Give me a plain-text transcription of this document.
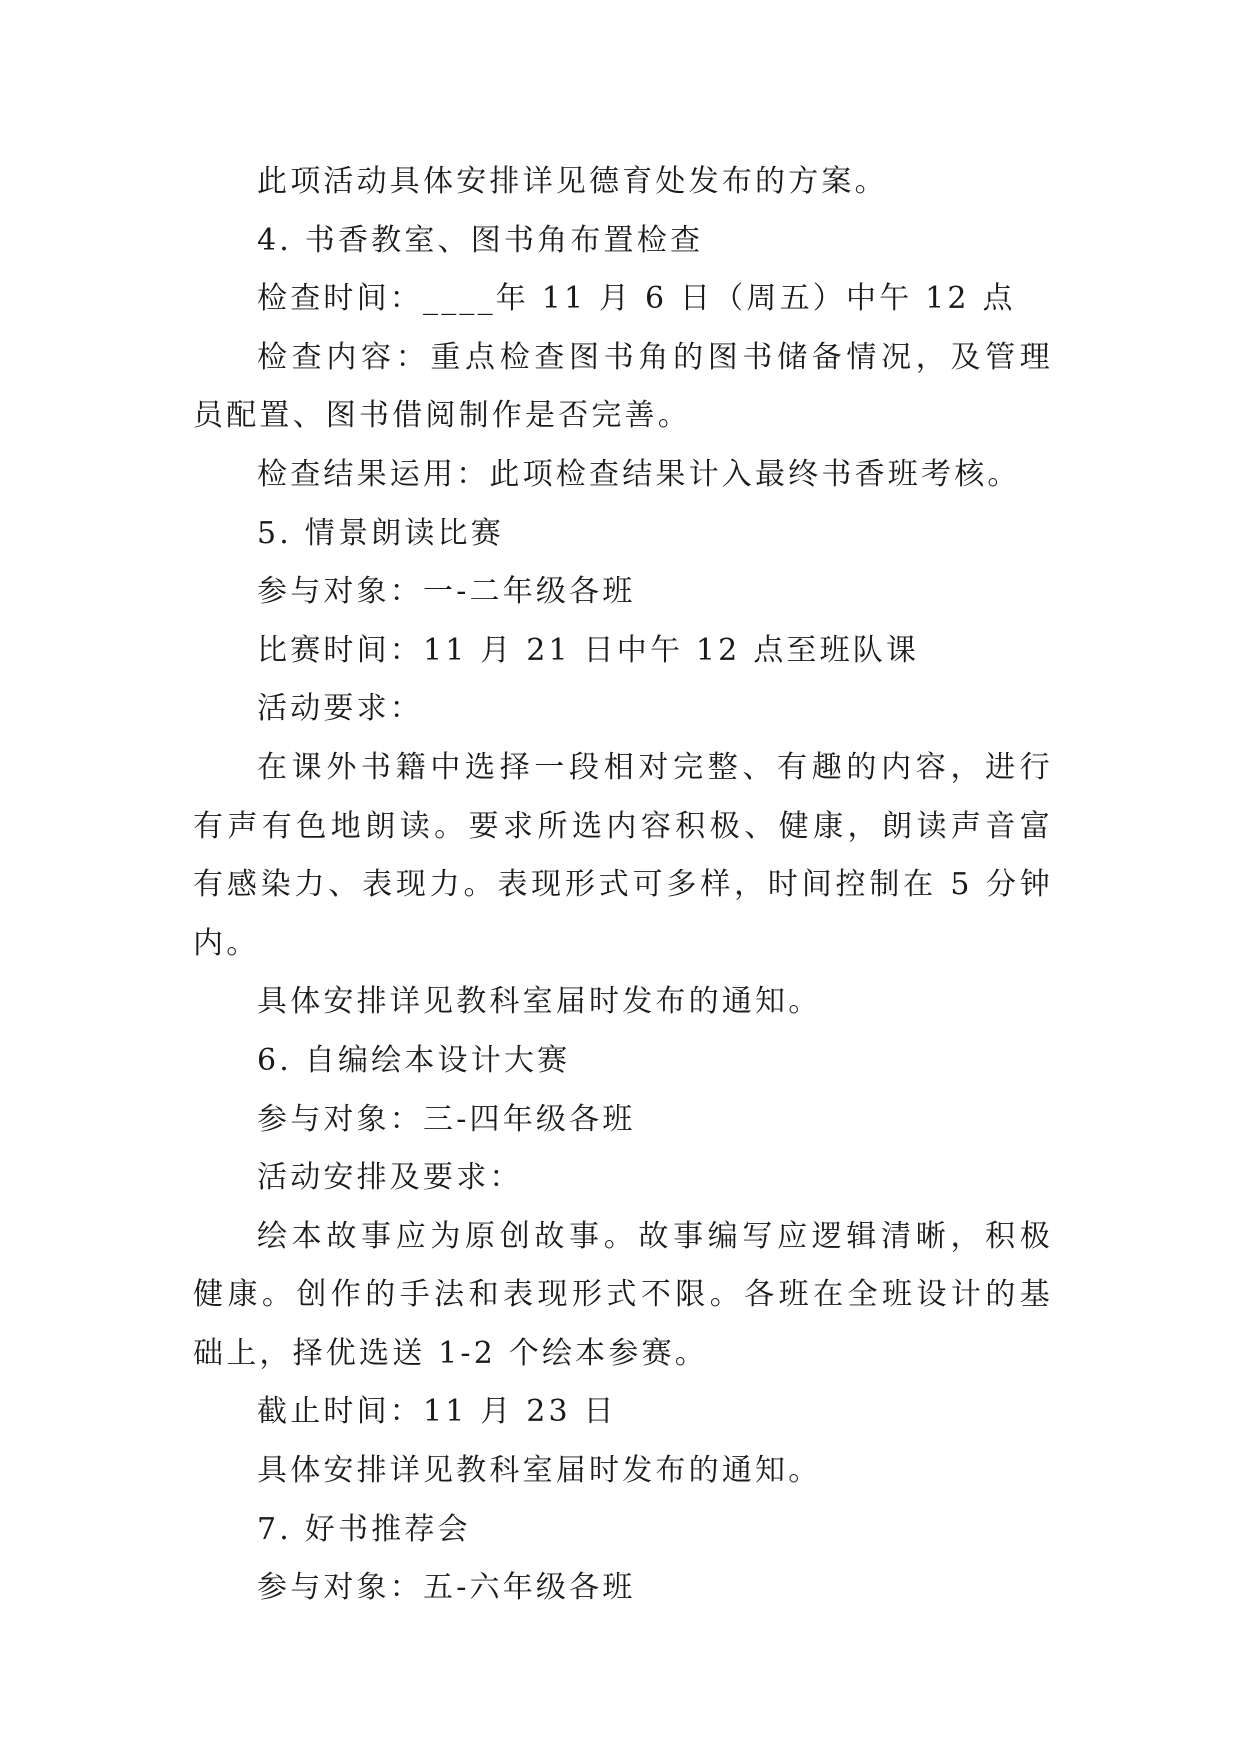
此项活动具体安排详见德育处发布的方案。

4. 书香教室、图书角布置检查

检查时间：____年 11 月 6 日（周五）中午 12 点

检查内容：重点检查图书角的图书储备情况，及管理员配置、图书借阅制作是否完善。

检查结果运用：此项检查结果计入最终书香班考核。

5. 情景朗读比赛

参与对象：一-二年级各班

比赛时间：11 月 21 日中午 12 点至班队课

活动要求：

在课外书籍中选择一段相对完整、有趣的内容，进行有声有色地朗读。要求所选内容积极、健康，朗读声音富有感染力、表现力。表现形式可多样，时间控制在 5 分钟内。

具体安排详见教科室届时发布的通知。

6. 自编绘本设计大赛

参与对象：三-四年级各班

活动安排及要求：

绘本故事应为原创故事。故事编写应逻辑清晰，积极健康。创作的手法和表现形式不限。各班在全班设计的基础上，择优选送 1-2 个绘本参赛。

截止时间：11 月 23 日

具体安排详见教科室届时发布的通知。

7. 好书推荐会

参与对象：五-六年级各班
